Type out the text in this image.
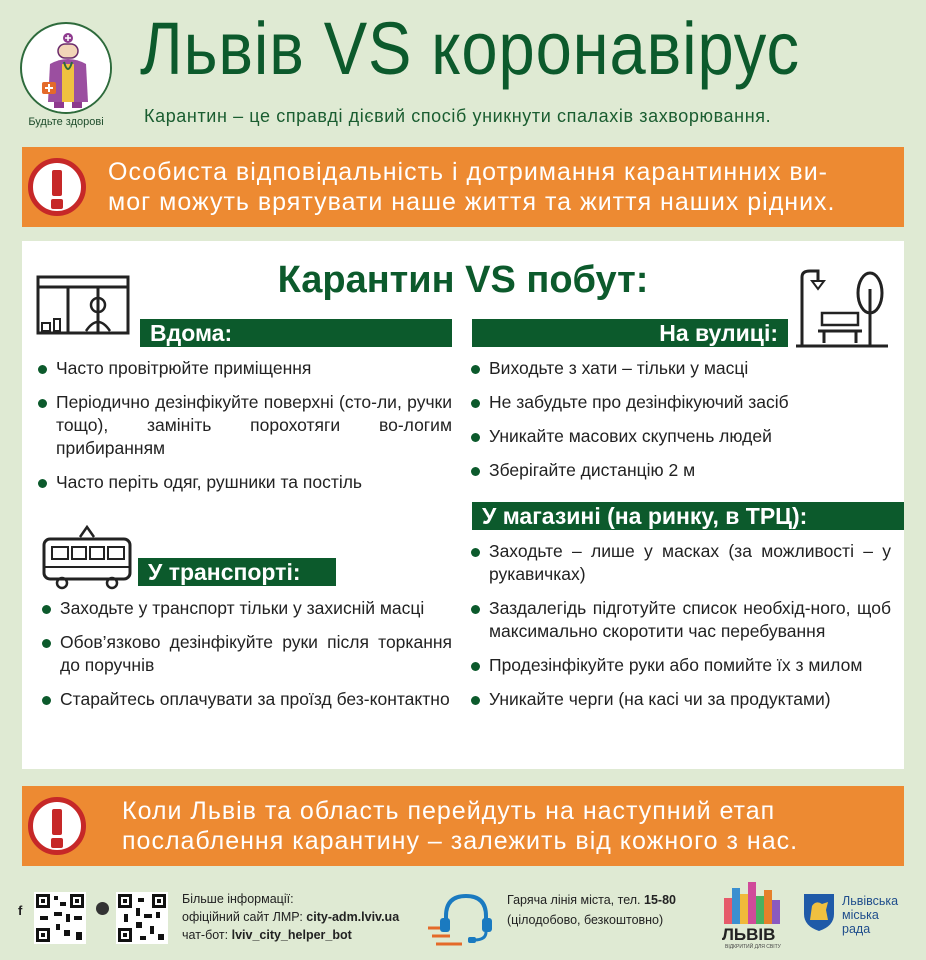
Будьте здорові
Львів VS коронавірус
Карантин – це справді дієвий спосіб уникнути спалахів захворювання.
Особиста відповідальність і дотримання карантинних ви-
мог можуть врятувати наше життя та життя наших рідних.
Карантин VS побут:
Вдома:
Часто провітрюйте приміщення
Періодично дезінфікуйте поверхні (сто-ли, ручки тощо), замініть порохотяги во-логим прибиранням
Часто періть одяг, рушники та постіль
У транспорті:
Заходьте у транспорт тільки у захисній масці
Обов’язково дезінфікуйте руки після торкання до поручнів
Старайтесь оплачувати за проїзд без-контактно
На вулиці:
Виходьте з хати – тільки у масці
Не забудьте про дезінфікуючий засіб
Уникайте масових скупчень людей
Зберігайте дистанцію 2 м
У магазині (на ринку, в ТРЦ):
Заходьте – лише у масках (за можливості – у рукавичках)
Заздалегідь підготуйте список необхід-ного, щоб максимально скоротити час перебування
Продезінфікуйте руки або помийте їх з милом
Уникайте черги (на касі чи за продуктами)
Коли Львів та область перейдуть на наступний етап
послаблення карантину – залежить від кожного з нас.
f
Більше інформації:
офіційний сайт ЛМР: city-adm.lviv.ua
чат-бот: lviv_city_helper_bot
Гаряча лінія міста, тел. 15-80
(цілодобово, безкоштовно)
ЛЬВІВ
ВІДКРИТИЙ ДЛЯ СВІТУ
Львівська
міська
рада
